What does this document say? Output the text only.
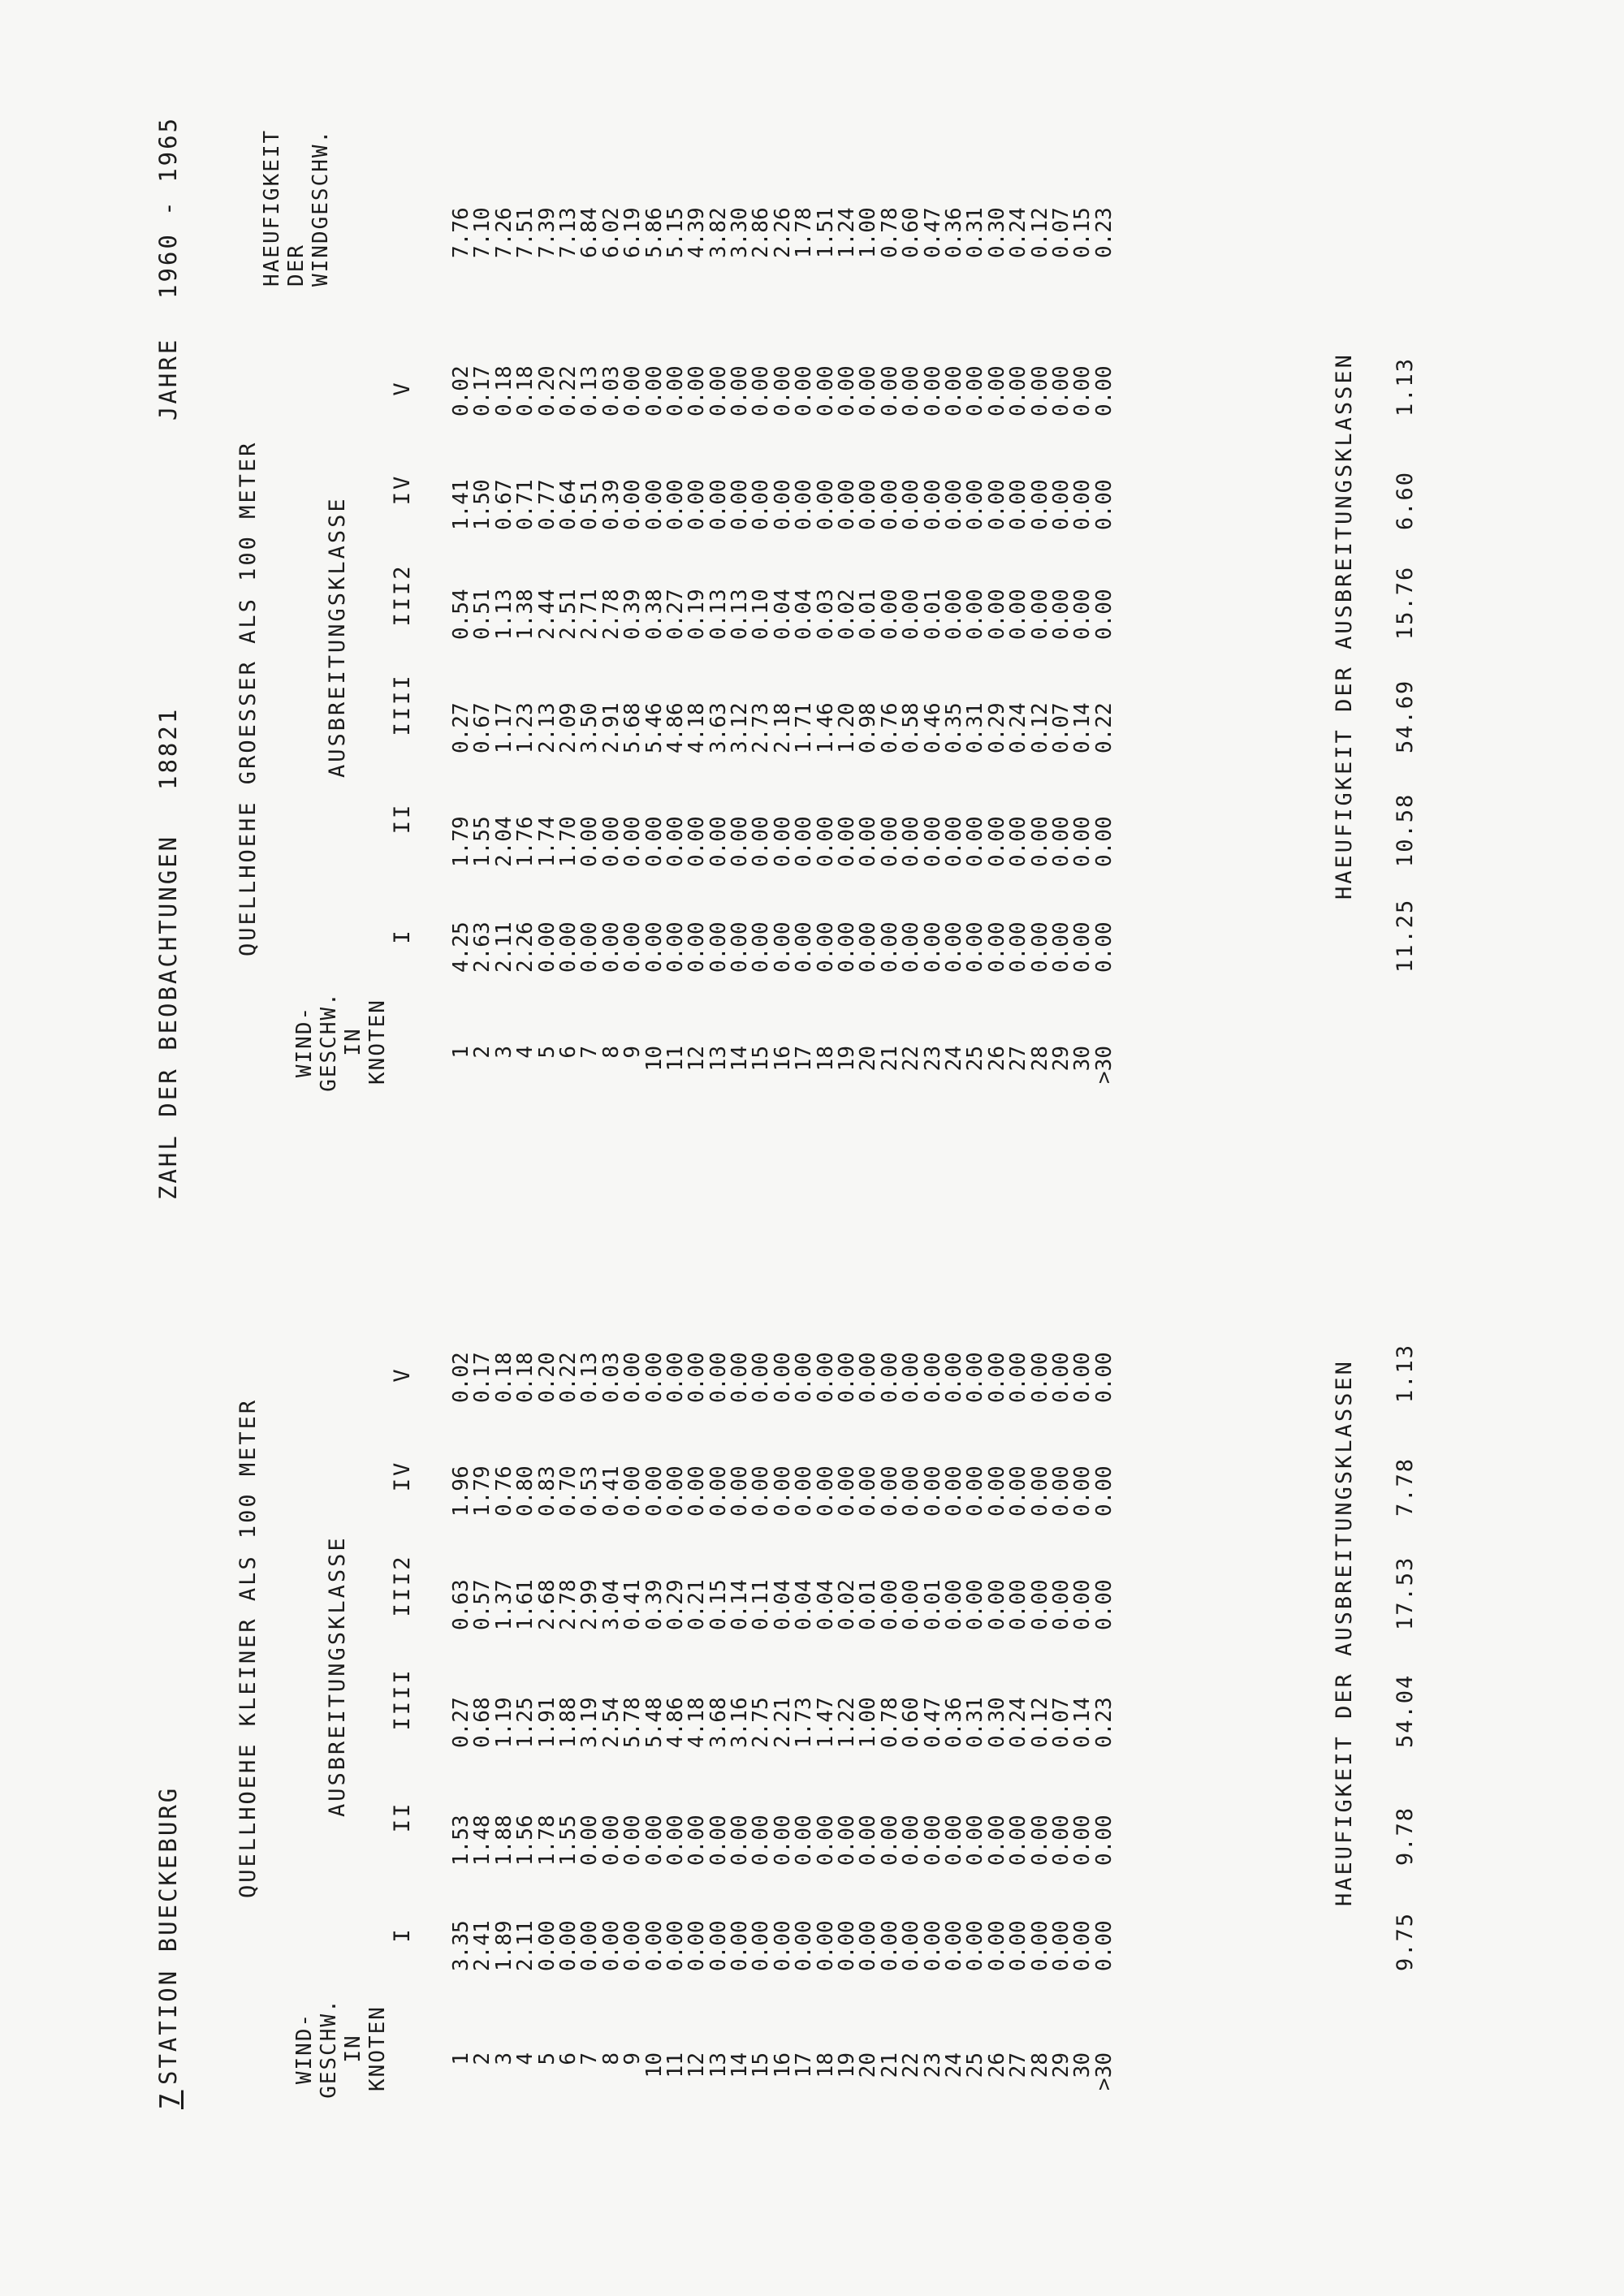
7
STATION BUECKEBURG
ZAHL DER BEOBACHTUNGEN
18821
JAHRE
1960 - 1965
QUELLHOEHE KLEINER ALS 100 METER
WIND- GESCHW. IN KNOTEN
AUSBREITUNGSKLASSE
I
II
IIII
III2
IV
V
1
3.35
1.53
0.27
0.63
1.96
0.02
2
2.41
1.48
0.68
0.57
1.79
0.17
3
1.89
1.88
1.19
1.37
0.76
0.18
4
2.11
1.56
1.25
1.61
0.80
0.18
5
0.00
1.78
1.91
2.68
0.83
0.20
6
0.00
1.55
1.88
2.78
0.70
0.22
7
0.00
0.00
3.19
2.99
0.53
0.13
8
0.00
0.00
2.54
3.04
0.41
0.03
9
0.00
0.00
5.78
0.41
0.00
0.00
10
0.00
0.00
5.48
0.39
0.00
0.00
11
0.00
0.00
4.86
0.29
0.00
0.00
12
0.00
0.00
4.18
0.21
0.00
0.00
13
0.00
0.00
3.68
0.15
0.00
0.00
14
0.00
0.00
3.16
0.14
0.00
0.00
15
0.00
0.00
2.75
0.11
0.00
0.00
16
0.00
0.00
2.21
0.04
0.00
0.00
17
0.00
0.00
1.73
0.04
0.00
0.00
18
0.00
0.00
1.47
0.04
0.00
0.00
19
0.00
0.00
1.22
0.02
0.00
0.00
20
0.00
0.00
1.00
0.01
0.00
0.00
21
0.00
0.00
0.78
0.00
0.00
0.00
22
0.00
0.00
0.60
0.00
0.00
0.00
23
0.00
0.00
0.47
0.01
0.00
0.00
24
0.00
0.00
0.36
0.00
0.00
0.00
25
0.00
0.00
0.31
0.00
0.00
0.00
26
0.00
0.00
0.30
0.00
0.00
0.00
27
0.00
0.00
0.24
0.00
0.00
0.00
28
0.00
0.00
0.12
0.00
0.00
0.00
29
0.00
0.00
0.07
0.00
0.00
0.00
30
0.00
0.00
0.14
0.00
0.00
0.00
>30
0.00
0.00
0.23
0.00
0.00
0.00	HAEUFIGKEIT DER AUSBREITUNGSKLASSEN
9.75
9.78
54.04
17.53
7.78
1.13
QUELLHOEHE GROESSER ALS 100 METER
WIND- GESCHW. IN KNOTEN
AUSBREITUNGSKLASSE
I
II
IIII
III2
IV
V
HAEUFIGKEIT DER WINDGESCHW.
1
4.25
1.79
0.27
0.54
1.41
0.02
7.76
2
2.63
1.55
0.67
0.51
1.50
0.17
7.10
3
2.11
2.04
1.17
1.13
0.67
0.18
7.26
4
2.26
1.76
1.23
1.38
0.71
0.18
7.51
5
0.00
1.74
2.13
2.44
0.77
0.20
7.39
6
0.00
1.70
2.09
2.51
0.64
0.22
7.13
7
0.00
0.00
3.50
2.71
0.51
0.13
6.84
8
0.00
0.00
2.91
2.78
0.39
0.03
6.02
9
0.00
0.00
5.68
0.39
0.00
0.00
6.19
10
0.00
0.00
5.46
0.38
0.00
0.00
5.86
11
0.00
0.00
4.86
0.27
0.00
0.00
5.15
12
0.00
0.00
4.18
0.19
0.00
0.00
4.39
13
0.00
0.00
3.63
0.13
0.00
0.00
3.82
14
0.00
0.00
3.12
0.13
0.00
0.00
3.30
15
0.00
0.00
2.73
0.10
0.00
0.00
2.86
16
0.00
0.00
2.18
0.04
0.00
0.00
2.26
17
0.00
0.00
1.71
0.04
0.00
0.00
1.78
18
0.00
0.00
1.46
0.03
0.00
0.00
1.51
19
0.00
0.00
1.20
0.02
0.00
0.00
1.24
20
0.00
0.00
0.98
0.01
0.00
0.00
1.00
21
0.00
0.00
0.76
0.00
0.00
0.00
0.78
22
0.00
0.00
0.58
0.00
0.00
0.00
0.60
23
0.00
0.00
0.46
0.01
0.00
0.00
0.47
24
0.00
0.00
0.35
0.00
0.00
0.00
0.36
25
0.00
0.00
0.31
0.00
0.00
0.00
0.31
26
0.00
0.00
0.29
0.00
0.00
0.00
0.30
27
0.00
0.00
0.24
0.00
0.00
0.00
0.24
28
0.00
0.00
0.12
0.00
0.00
0.00
0.12
29
0.00
0.00
0.07
0.00
0.00
0.00
0.07
30
0.00
0.00
0.14
0.00
0.00
0.00
0.15
>30
0.00
0.00
0.22
0.00
0.00
0.00
0.23
HAEUFIGKEIT DER AUSBREITUNGSKLASSEN
11.25
10.58
54.69
15.76
6.60
1.13
